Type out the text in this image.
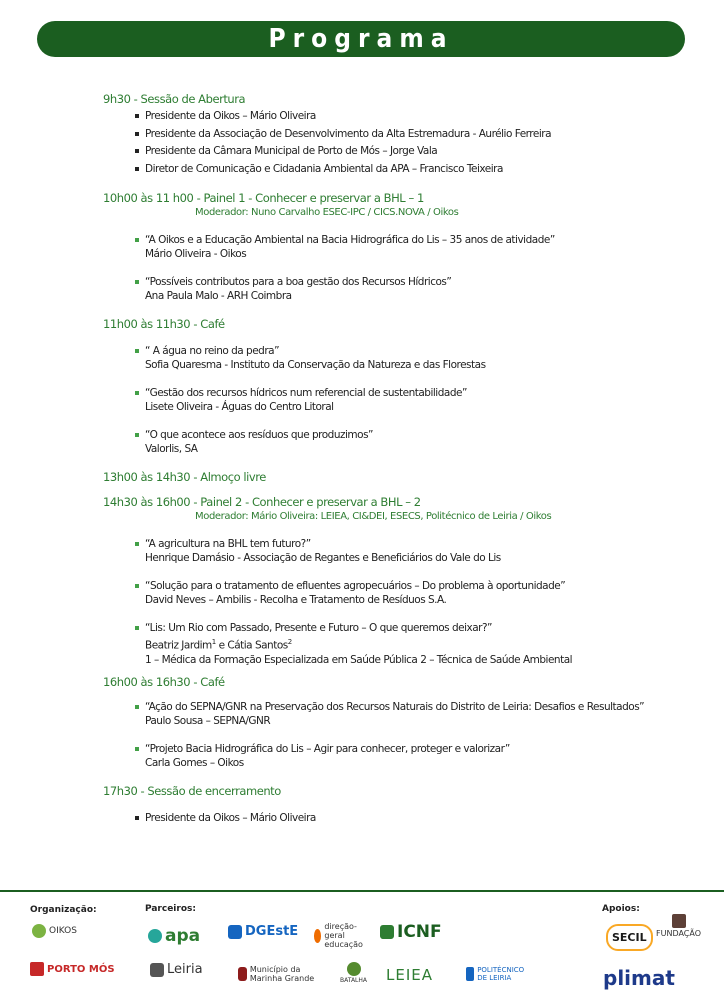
Programa

9h30 - Sessão de Abertura

Presidente da Oikos – Mário Oliveira
Presidente da Associação de Desenvolvimento da Alta Estremadura - Aurélio Ferreira
Presidente da Câmara Municipal de Porto de Mós – Jorge Vala
Diretor de Comunicação e Cidadania Ambiental da APA – Francisco Teixeira

10h00 às 11 h00 - Painel 1 - Conhecer e preservar a BHL – 1

Moderador: Nuno Carvalho ESEC-IPC / CICS.NOVA / Oikos

“A Oikos e a Educação Ambiental na Bacia Hidrográfica do Lis – 35 anos de atividade”
Mário Oliveira - Oikos
“Possíveis contributos para a boa gestão dos Recursos Hídricos”
Ana Paula Malo - ARH Coimbra

11h00 às 11h30 - Café

“ A água no reino da pedra”
Sofia Quaresma - Instituto da Conservação da Natureza e das Florestas
“Gestão dos recursos hídricos num referencial de sustentabilidade”
Lisete Oliveira - Águas do Centro Litoral
“O que acontece aos resíduos que produzimos”
Valorlis, SA

13h00 às 14h30 - Almoço livre

14h30 às 16h00 - Painel 2 - Conhecer e preservar a BHL – 2

Moderador: Mário Oliveira: LEIEA, CI&DEI, ESECS, Politécnico de Leiria / Oikos

“A agricultura na BHL tem futuro?”
Henrique Damásio - Associação de Regantes e Beneficiários do Vale do Lis
“Solução para o tratamento de efluentes agropecuários – Do problema à oportunidade”
David Neves – Ambilis - Recolha e Tratamento de Resíduos S.A.
“Lis: Um Rio com Passado, Presente e Futuro – O que queremos deixar?”
Beatriz Jardim$^1$ e Cátia Santos$^2$
1 – Médica da Formação Especializada em Saúde Pública 2 – Técnica de Saúde Ambiental

16h00 às 16h30 - Café

“Ação do SEPNA/GNR na Preservação dos Recursos Naturais do Distrito de Leiria: Desafios e Resultados”
Paulo Sousa – SEPNA/GNR
“Projeto Bacia Hidrográfica do Lis – Agir para conhecer, proteger e valorizar”
Carla Gomes – Oikos

17h30 - Sessão de encerramento

Presidente da Oikos – Mário Oliveira
Organização:	Parceiros:	Apoios:
OIKOS
PORTO MÓS
apa	DGEstE	direção-geral educação
ICNF
Leiria	Município da Marinha Grande	BATALHA LEIEA	POLITÉCNICO DE LEIRIA
SECIL	FUNDAÇÃO
plimat
